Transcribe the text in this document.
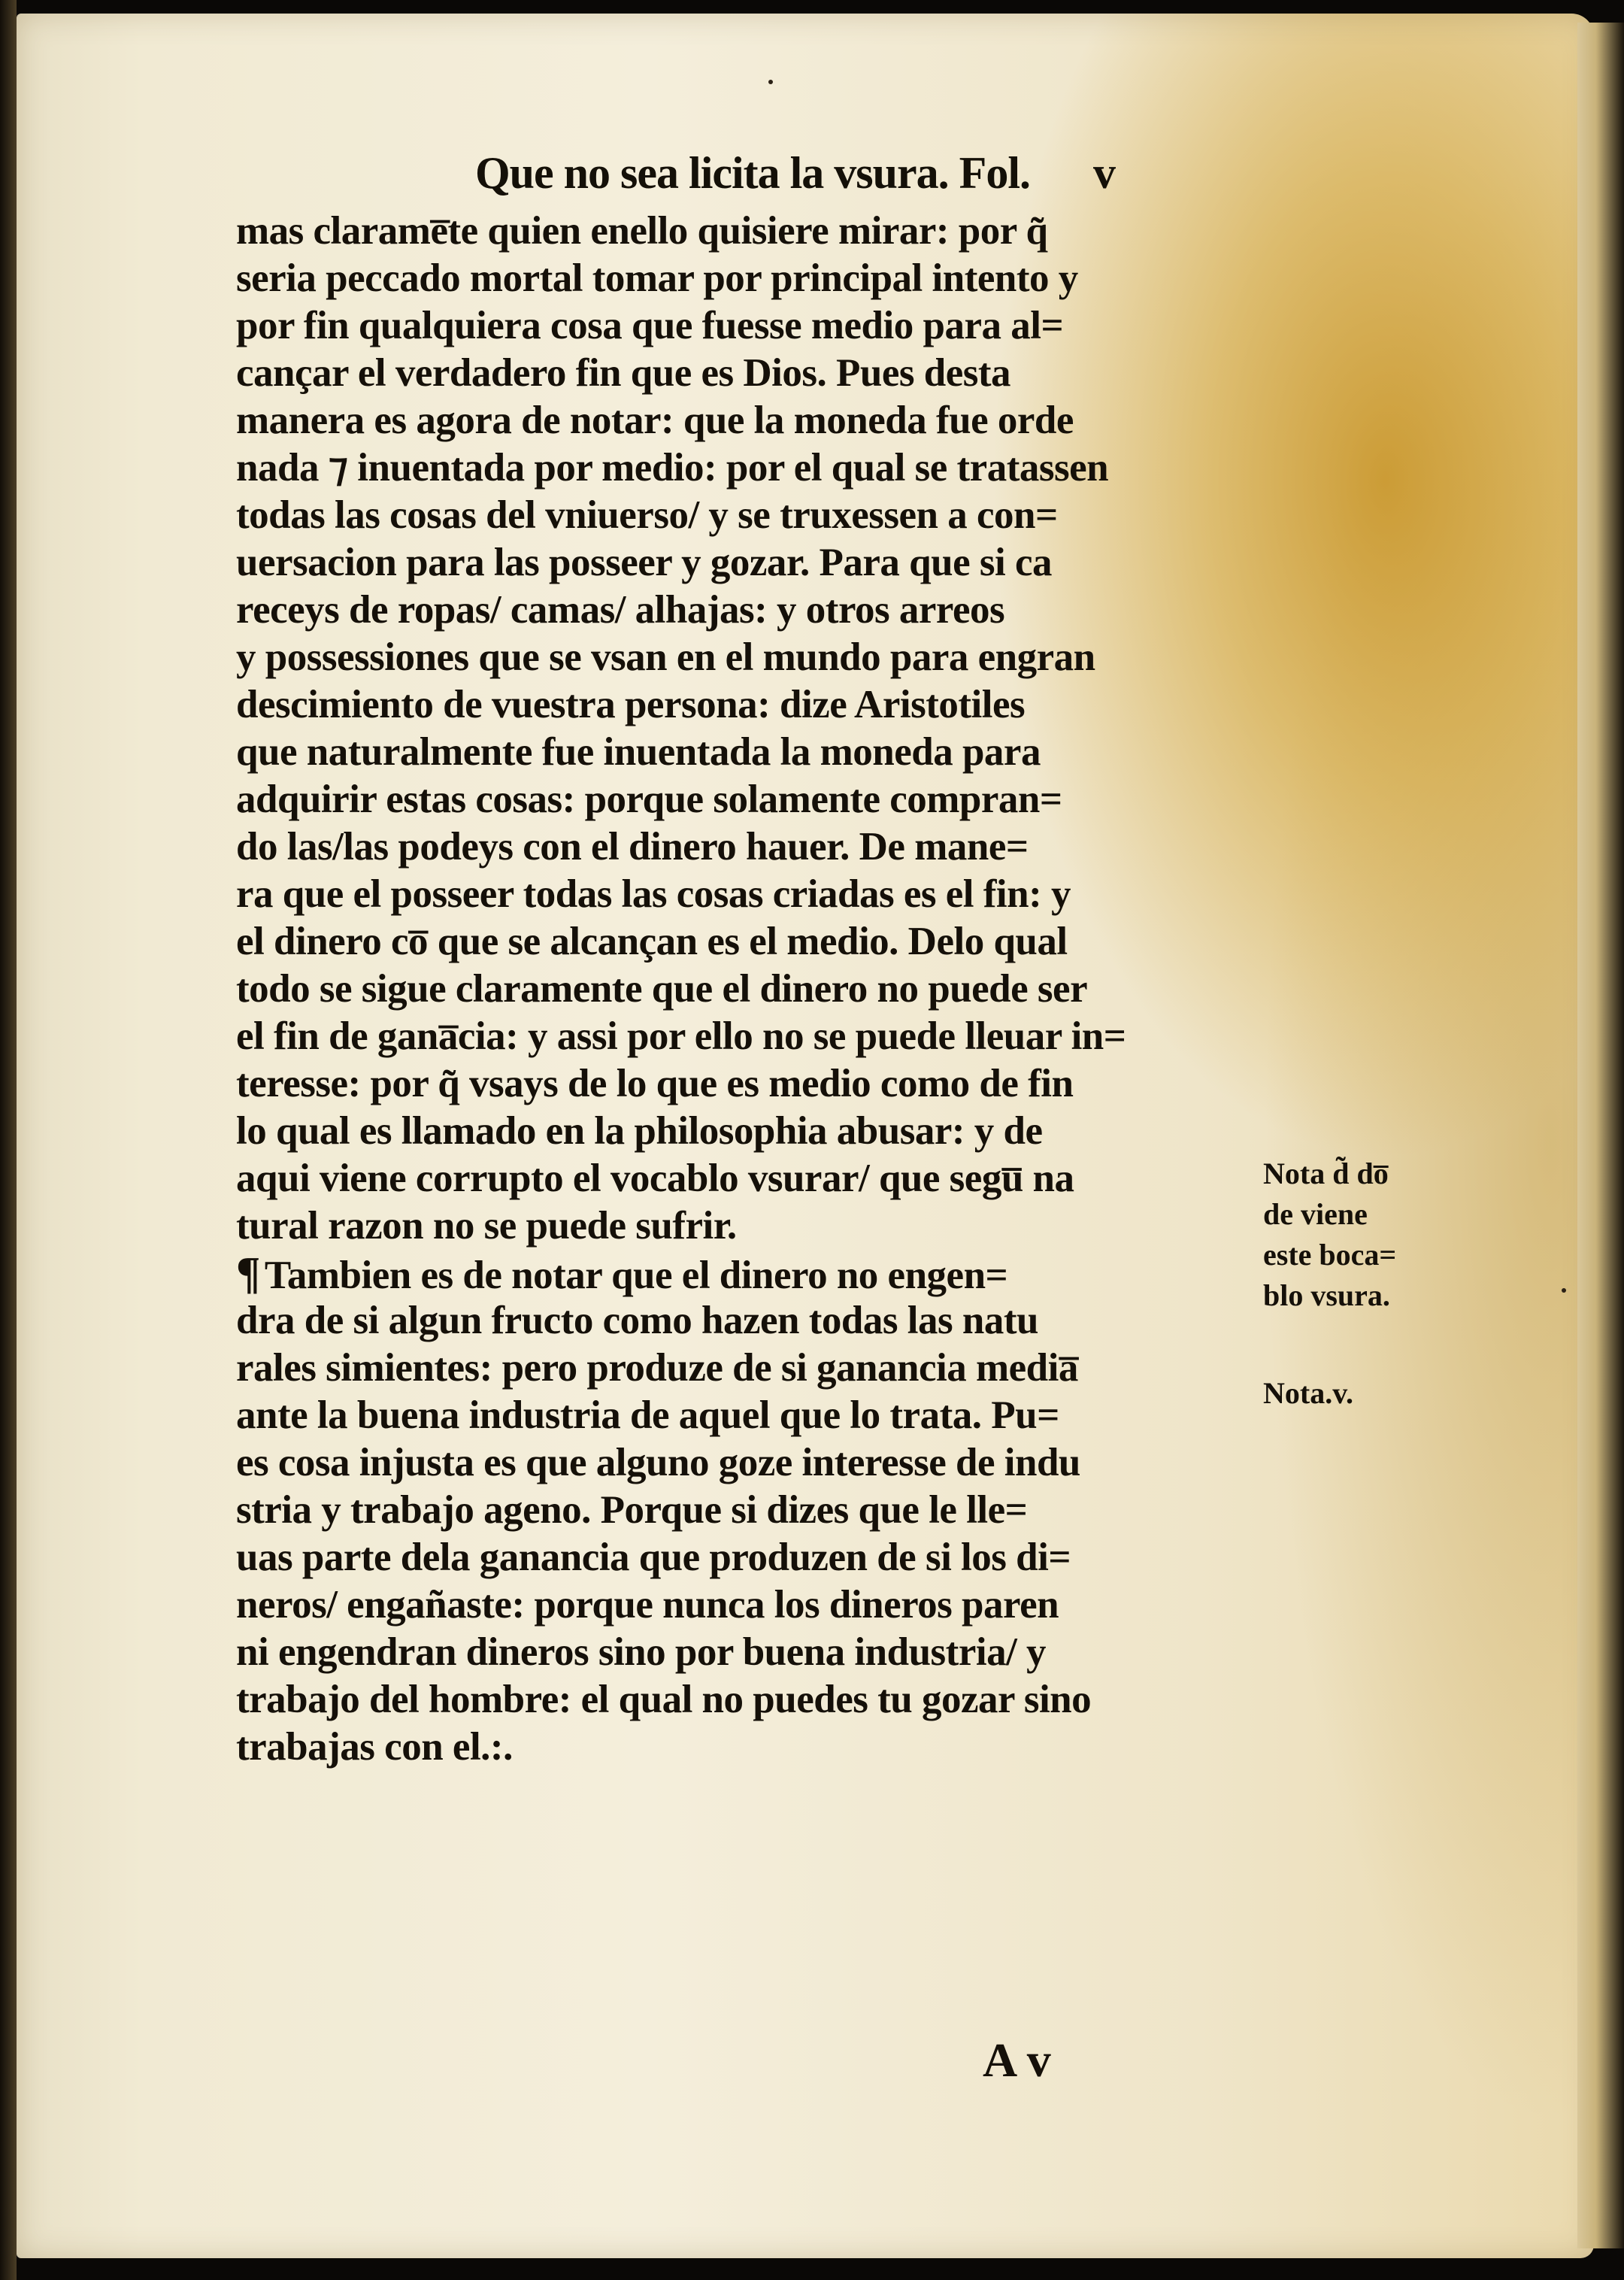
Que no sea licita la vsura. Fol. v
mas clarame̅te quien enello quisiere mirar: por q̃
seria peccado mortal tomar por principal intento y
por fin qualquiera cosa que fuesse medio para al=
cançar el verdadero fin que es Dios. Pues desta
manera es agora de notar: que la moneda fue orde
nada ⁊ inuentada por medio: por el qual se tratassen
todas las cosas del vniuerso/ y se truxessen a con=
uersacion para las posseer y gozar. Para que si ca
receys de ropas/ camas/ alhajas: y otros arreos
y possessiones que se vsan en el mundo para engran
descimiento de vuestra persona: dize Aristotiles
que naturalmente fue inuentada la moneda para
adquirir estas cosas: porque solamente compran=
do las/las podeys con el dinero hauer. De mane=
ra que el posseer todas las cosas criadas es el fin: y
el dinero co̅ que se alcançan es el medio. Delo qual
todo se sigue claramente que el dinero no puede ser
el fin de gana̅cia: y assi por ello no se puede lleuar in=
teresse: por q̃ vsays de lo que es medio como de fin
lo qual es llamado en la philosophia abusar: y de
aqui viene corrupto el vocablo vsurar/ que segu̅ na
tural razon no se puede sufrir.
¶ Tambien es de notar que el dinero no engen=
dra de si algun fructo como hazen todas las natu
rales simientes: pero produze de si ganancia media̅
ante la buena industria de aquel que lo trata. Pu=
es cosa injusta es que alguno goze interesse de indu
stria y trabajo ageno. Porque si dizes que le lle=
uas parte dela ganancia que produzen de si los di=
neros/ engañaste: porque nunca los dineros paren
ni engendran dineros sino por buena industria/ y
trabajo del hombre: el qual no puedes tu gozar sino
trabajas con el.:.
Nota d̃ do̅
de viene
este boca=
blo vsura.
Nota.v.
A v
